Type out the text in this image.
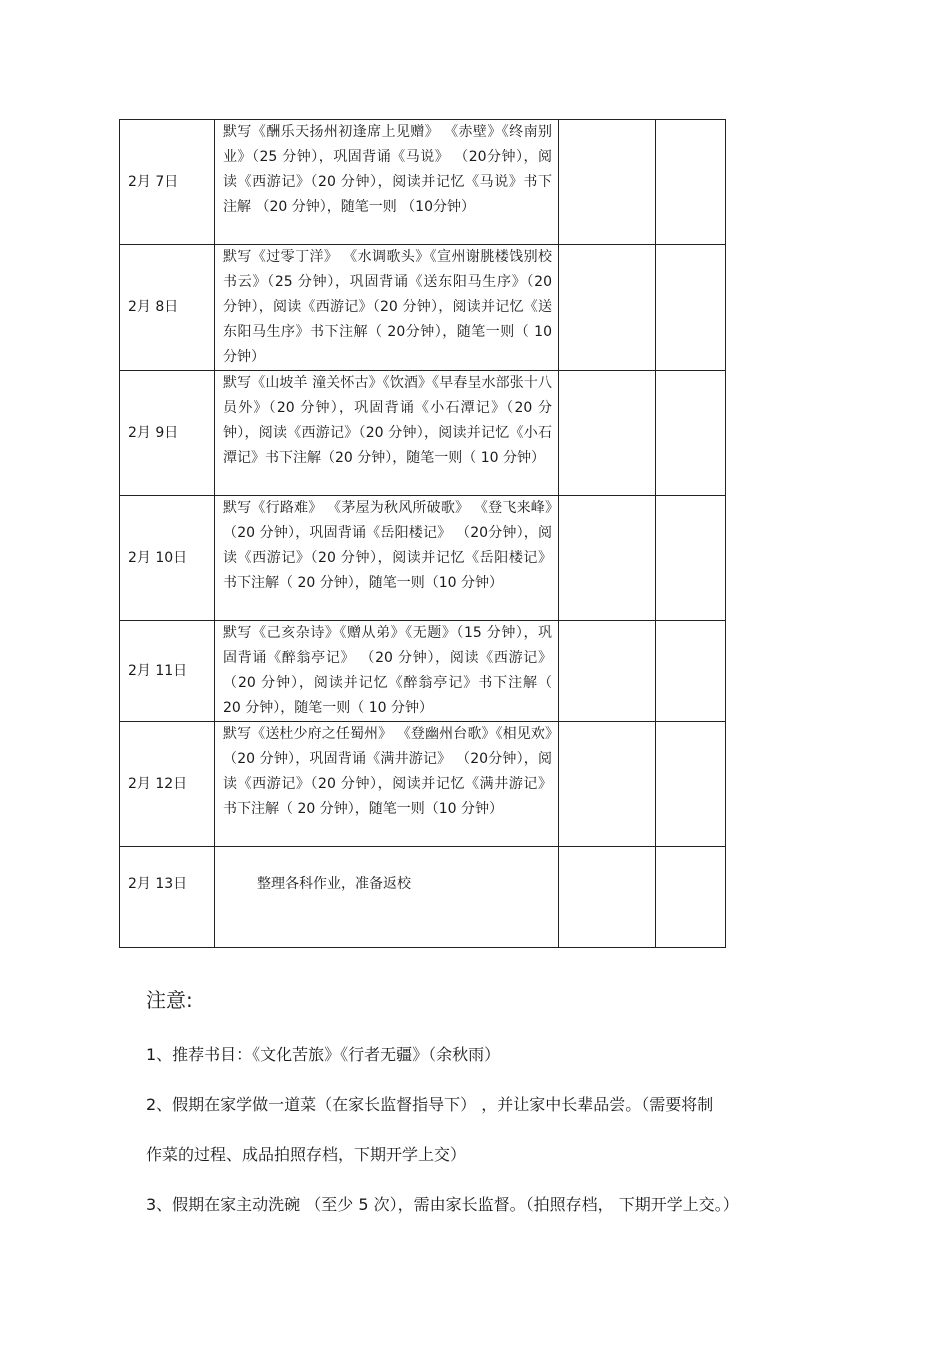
2月 7日	默写《酬乐天扬州初逢席上见赠》 《赤壁》《终南别业》（25 分钟），巩固背诵《马说》 （20分钟），阅读《西游记》（20 分钟），阅读并记忆《马说》书下注解 （20 分钟），随笔一则 （10分钟）		
2月 8日	默写《过零丁洋》 《水调歌头》《宣州谢朓楼饯别校书云》（25 分钟），巩固背诵《送东阳马生序》（20 分钟），阅读《西游记》（20 分钟），阅读并记忆《送东阳马生序》书下注解（ 20分钟），随笔一则（ 10 分钟）		
2月 9日	默写《山坡羊 潼关怀古》《饮酒》《早春呈水部张十八员外》（20 分钟），巩固背诵《小石潭记》（20 分钟），阅读《西游记》（20 分钟），阅读并记忆《小石潭记》书下注解（20 分钟），随笔一则（ 10 分钟）		
2月 10日	默写《行路难》 《茅屋为秋风所破歌》 《登飞来峰》（20 分钟），巩固背诵《岳阳楼记》 （20分钟），阅读《西游记》（20 分钟），阅读并记忆《岳阳楼记》书下注解（ 20 分钟），随笔一则（10 分钟）		
2月 11日	默写《己亥杂诗》《赠从弟》《无题》（15 分钟），巩固背诵《醉翁亭记》 （20 分钟），阅读《西游记》（20 分钟），阅读并记忆《醉翁亭记》书下注解（ 20 分钟），随笔一则（ 10 分钟）		
2月 12日	默写《送杜少府之任蜀州》 《登幽州台歌》《相见欢》（20 分钟），巩固背诵《满井游记》 （20分钟），阅读《西游记》（20 分钟），阅读并记忆《满井游记》书下注解（ 20 分钟），随笔一则（10 分钟）		
2月 13日	整理各科作业，准备返校		

注意:

1、推荐书目：《文化苦旅》《行者无疆》（余秋雨）

2、假期在家学做一道菜（在家长监督指导下） ，并让家中长辈品尝。（需要将制

作菜的过程、成品拍照存档，下期开学上交）

3、假期在家主动洗碗 （至少 5 次），需由家长监督。（拍照存档， 下期开学上交。）
